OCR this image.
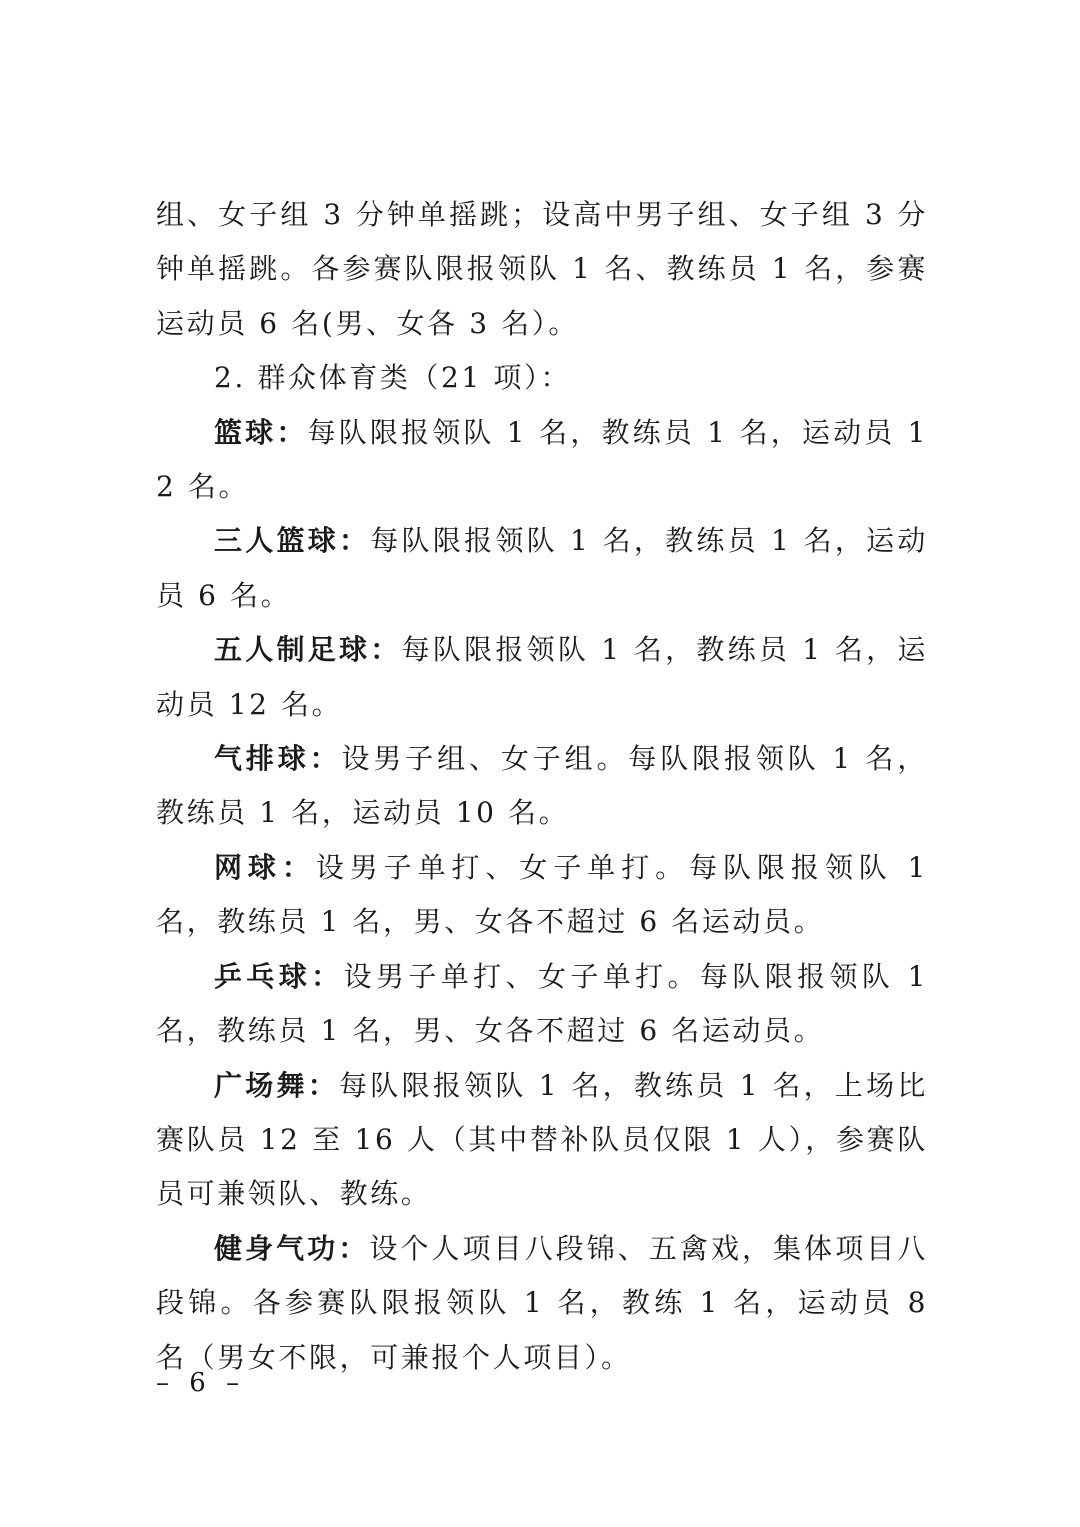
组、女子组 3 分钟单摇跳；设高中男子组、女子组 3 分钟单摇跳。各参赛队限报领队 1 名、教练员 1 名，参赛运动员 6 名(男、女各 3 名）。

2. 群众体育类（21 项）：

篮球：每队限报领队 1 名，教练员 1 名，运动员 12 名。

三人篮球：每队限报领队 1 名，教练员 1 名，运动员 6 名。

五人制足球：每队限报领队 1 名，教练员 1 名，运动员 12 名。

气排球：设男子组、女子组。每队限报领队 1 名，教练员 1 名，运动员 10 名。

网球：设男子单打、女子单打。每队限报领队 1 名，教练员 1 名，男、女各不超过 6 名运动员。

乒乓球：设男子单打、女子单打。每队限报领队 1 名，教练员 1 名，男、女各不超过 6 名运动员。

广场舞：每队限报领队 1 名，教练员 1 名，上场比赛队员 12 至 16 人（其中替补队员仅限 1 人），参赛队员可兼领队、教练。

健身气功：设个人项目八段锦、五禽戏，集体项目八段锦。各参赛队限报领队 1 名，教练 1 名，运动员 8 名（男女不限，可兼报个人项目）。

– 6 –
